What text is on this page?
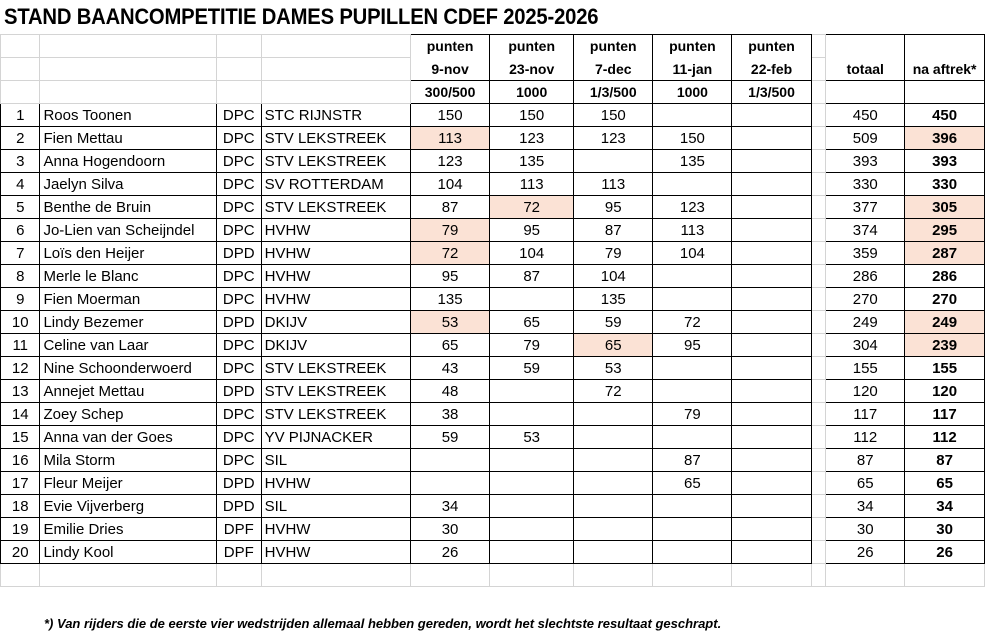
STAND BAANCOMPETITIE DAMES PUPILLEN CDEF 2025-2026
				punten	punten	punten	punten	punten			
				9-nov	23-nov	7-dec	11-jan	22-feb		totaal	na aftrek*
				300/500	1000	1/3/500	1000	1/3/500			
1	Roos Toonen	DPC	STC RIJNSTR	150	150	150				450	450
2	Fien Mettau	DPC	STV LEKSTREEK	113	123	123	150			509	396
3	Anna Hogendoorn	DPC	STV LEKSTREEK	123	135		135			393	393
4	Jaelyn Silva	DPC	SV ROTTERDAM	104	113	113				330	330
5	Benthe de Bruin	DPC	STV LEKSTREEK	87	72	95	123			377	305
6	Jo-Lien van Scheijndel	DPC	HVHW	79	95	87	113			374	295
7	Loïs den Heijer	DPD	HVHW	72	104	79	104			359	287
8	Merle le Blanc	DPC	HVHW	95	87	104				286	286
9	Fien Moerman	DPC	HVHW	135		135				270	270
10	Lindy Bezemer	DPD	DKIJV	53	65	59	72			249	249
11	Celine van Laar	DPC	DKIJV	65	79	65	95			304	239
12	Nine Schoonderwoerd	DPC	STV LEKSTREEK	43	59	53				155	155
13	Annejet Mettau	DPD	STV LEKSTREEK	48		72				120	120
14	Zoey Schep	DPC	STV LEKSTREEK	38			79			117	117
15	Anna van der Goes	DPC	YV PIJNACKER	59	53					112	112
16	Mila Storm	DPC	SIL				87			87	87
17	Fleur Meijer	DPD	HVHW				65			65	65
18	Evie Vijverberg	DPD	SIL	34						34	34
19	Emilie Dries	DPF	HVHW	30						30	30
20	Lindy Kool	DPF	HVHW	26						26	26

*) Van rijders die de eerste vier wedstrijden allemaal hebben gereden, wordt het slechtste resultaat geschrapt.
